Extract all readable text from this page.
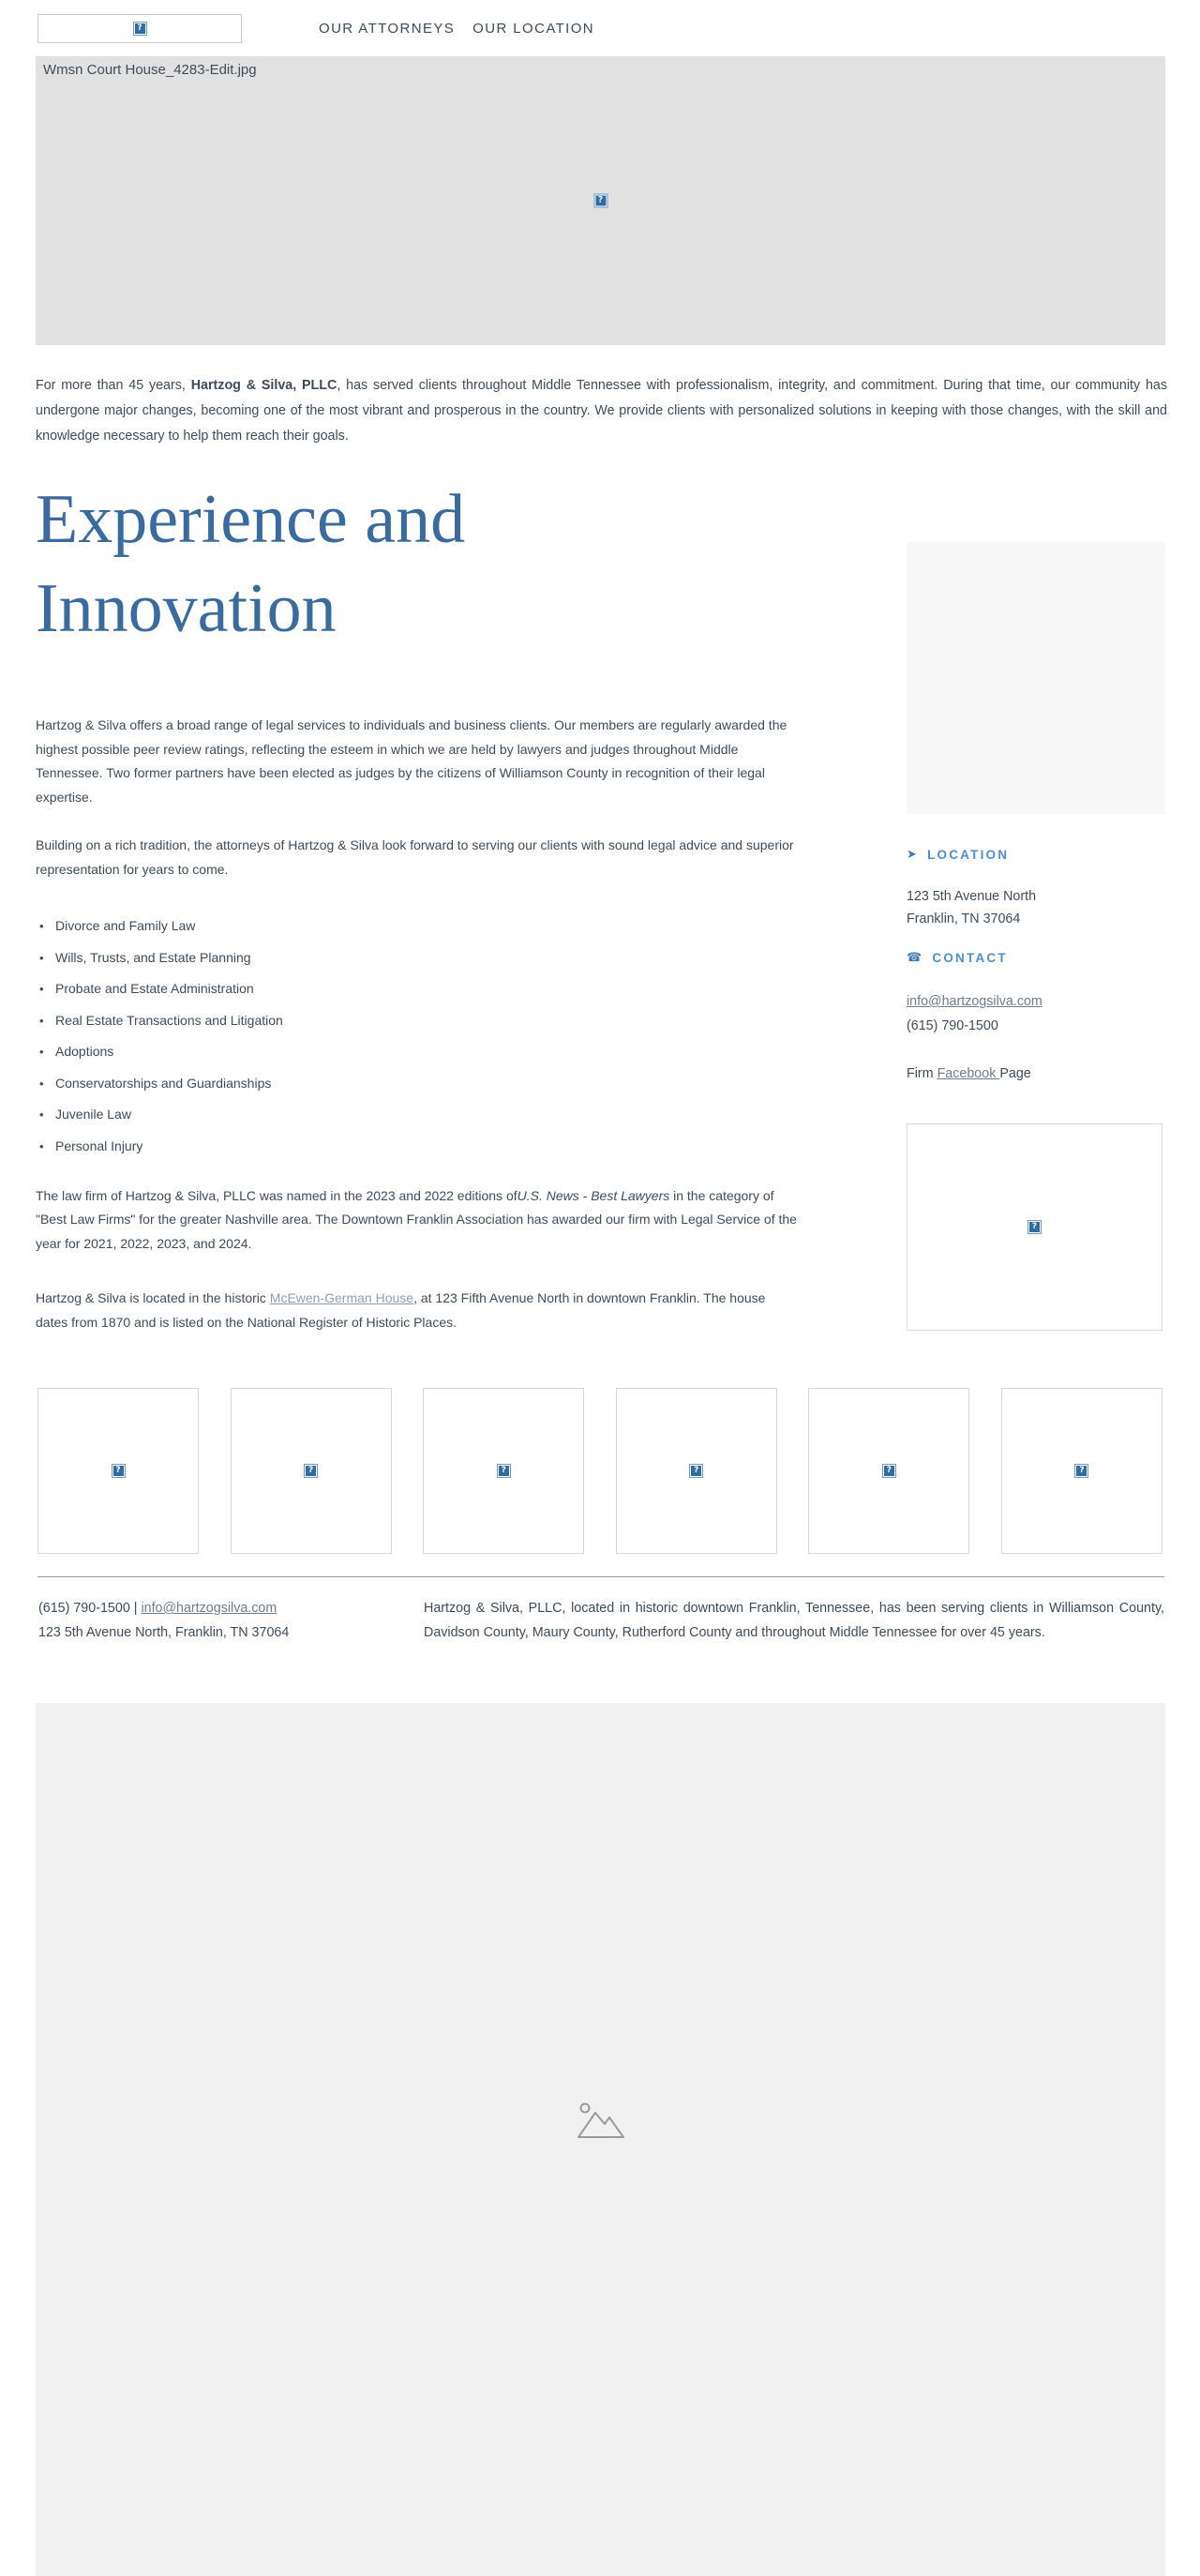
?	OUR ATTORNEYS OUR LOCATION
Wmsn Court House_4283-Edit.jpg
?

For more than 45 years, Hartzog & Silva, PLLC, has served clients throughout Middle Tennessee with professionalism, integrity, and commitment. During that time, our community has undergone major changes, becoming one of the most vibrant and prosperous in the country. We provide clients with personalized solutions in keeping with those changes, with the skill and knowledge necessary to help them reach their goals.

Experience and Innovation

Hartzog & Silva offers a broad range of legal services to individuals and business clients. Our members are regularly awarded the highest possible peer review ratings, reflecting the esteem in which we are held by lawyers and judges throughout Middle Tennessee. Two former partners have been elected as judges by the citizens of Williamson County in recognition of their legal expertise.

Building on a rich tradition, the attorneys of Hartzog & Silva look forward to serving our clients with sound legal advice and superior representation for years to come.

• Divorce and Family Law
• Wills, Trusts, and Estate Planning
• Probate and Estate Administration
• Real Estate Transactions and Litigation
• Adoptions
• Conservatorships and Guardianships
• Juvenile Law
• Personal Injury

The law firm of Hartzog & Silva, PLLC was named in the 2023 and 2022 editions ofU.S. News - Best Lawyers in the category of "Best Law Firms" for the greater Nashville area. The Downtown Franklin Association has awarded our firm with Legal Service of the year for 2021, 2022, 2023, and 2024.

Hartzog & Silva is located in the historic McEwen-German House, at 123 Fifth Avenue North in downtown Franklin. The house dates from 1870 and is listed on the National Register of Historic Places.

➤ LOCATION
123 5th Avenue North
Franklin, TN 37064
☎ CONTACT
info@hartzogsilva.com
(615) 790-1500
Firm Facebook Page
?
?	?	?	?	?	?
(615) 790-1500 | info@hartzogsilva.com
123 5th Avenue North, Franklin, TN 37064
Hartzog & Silva, PLLC, located in historic downtown Franklin, Tennessee, has been serving clients in Williamson County, Davidson County, Maury County, Rutherford County and throughout Middle Tennessee for over 45 years.
